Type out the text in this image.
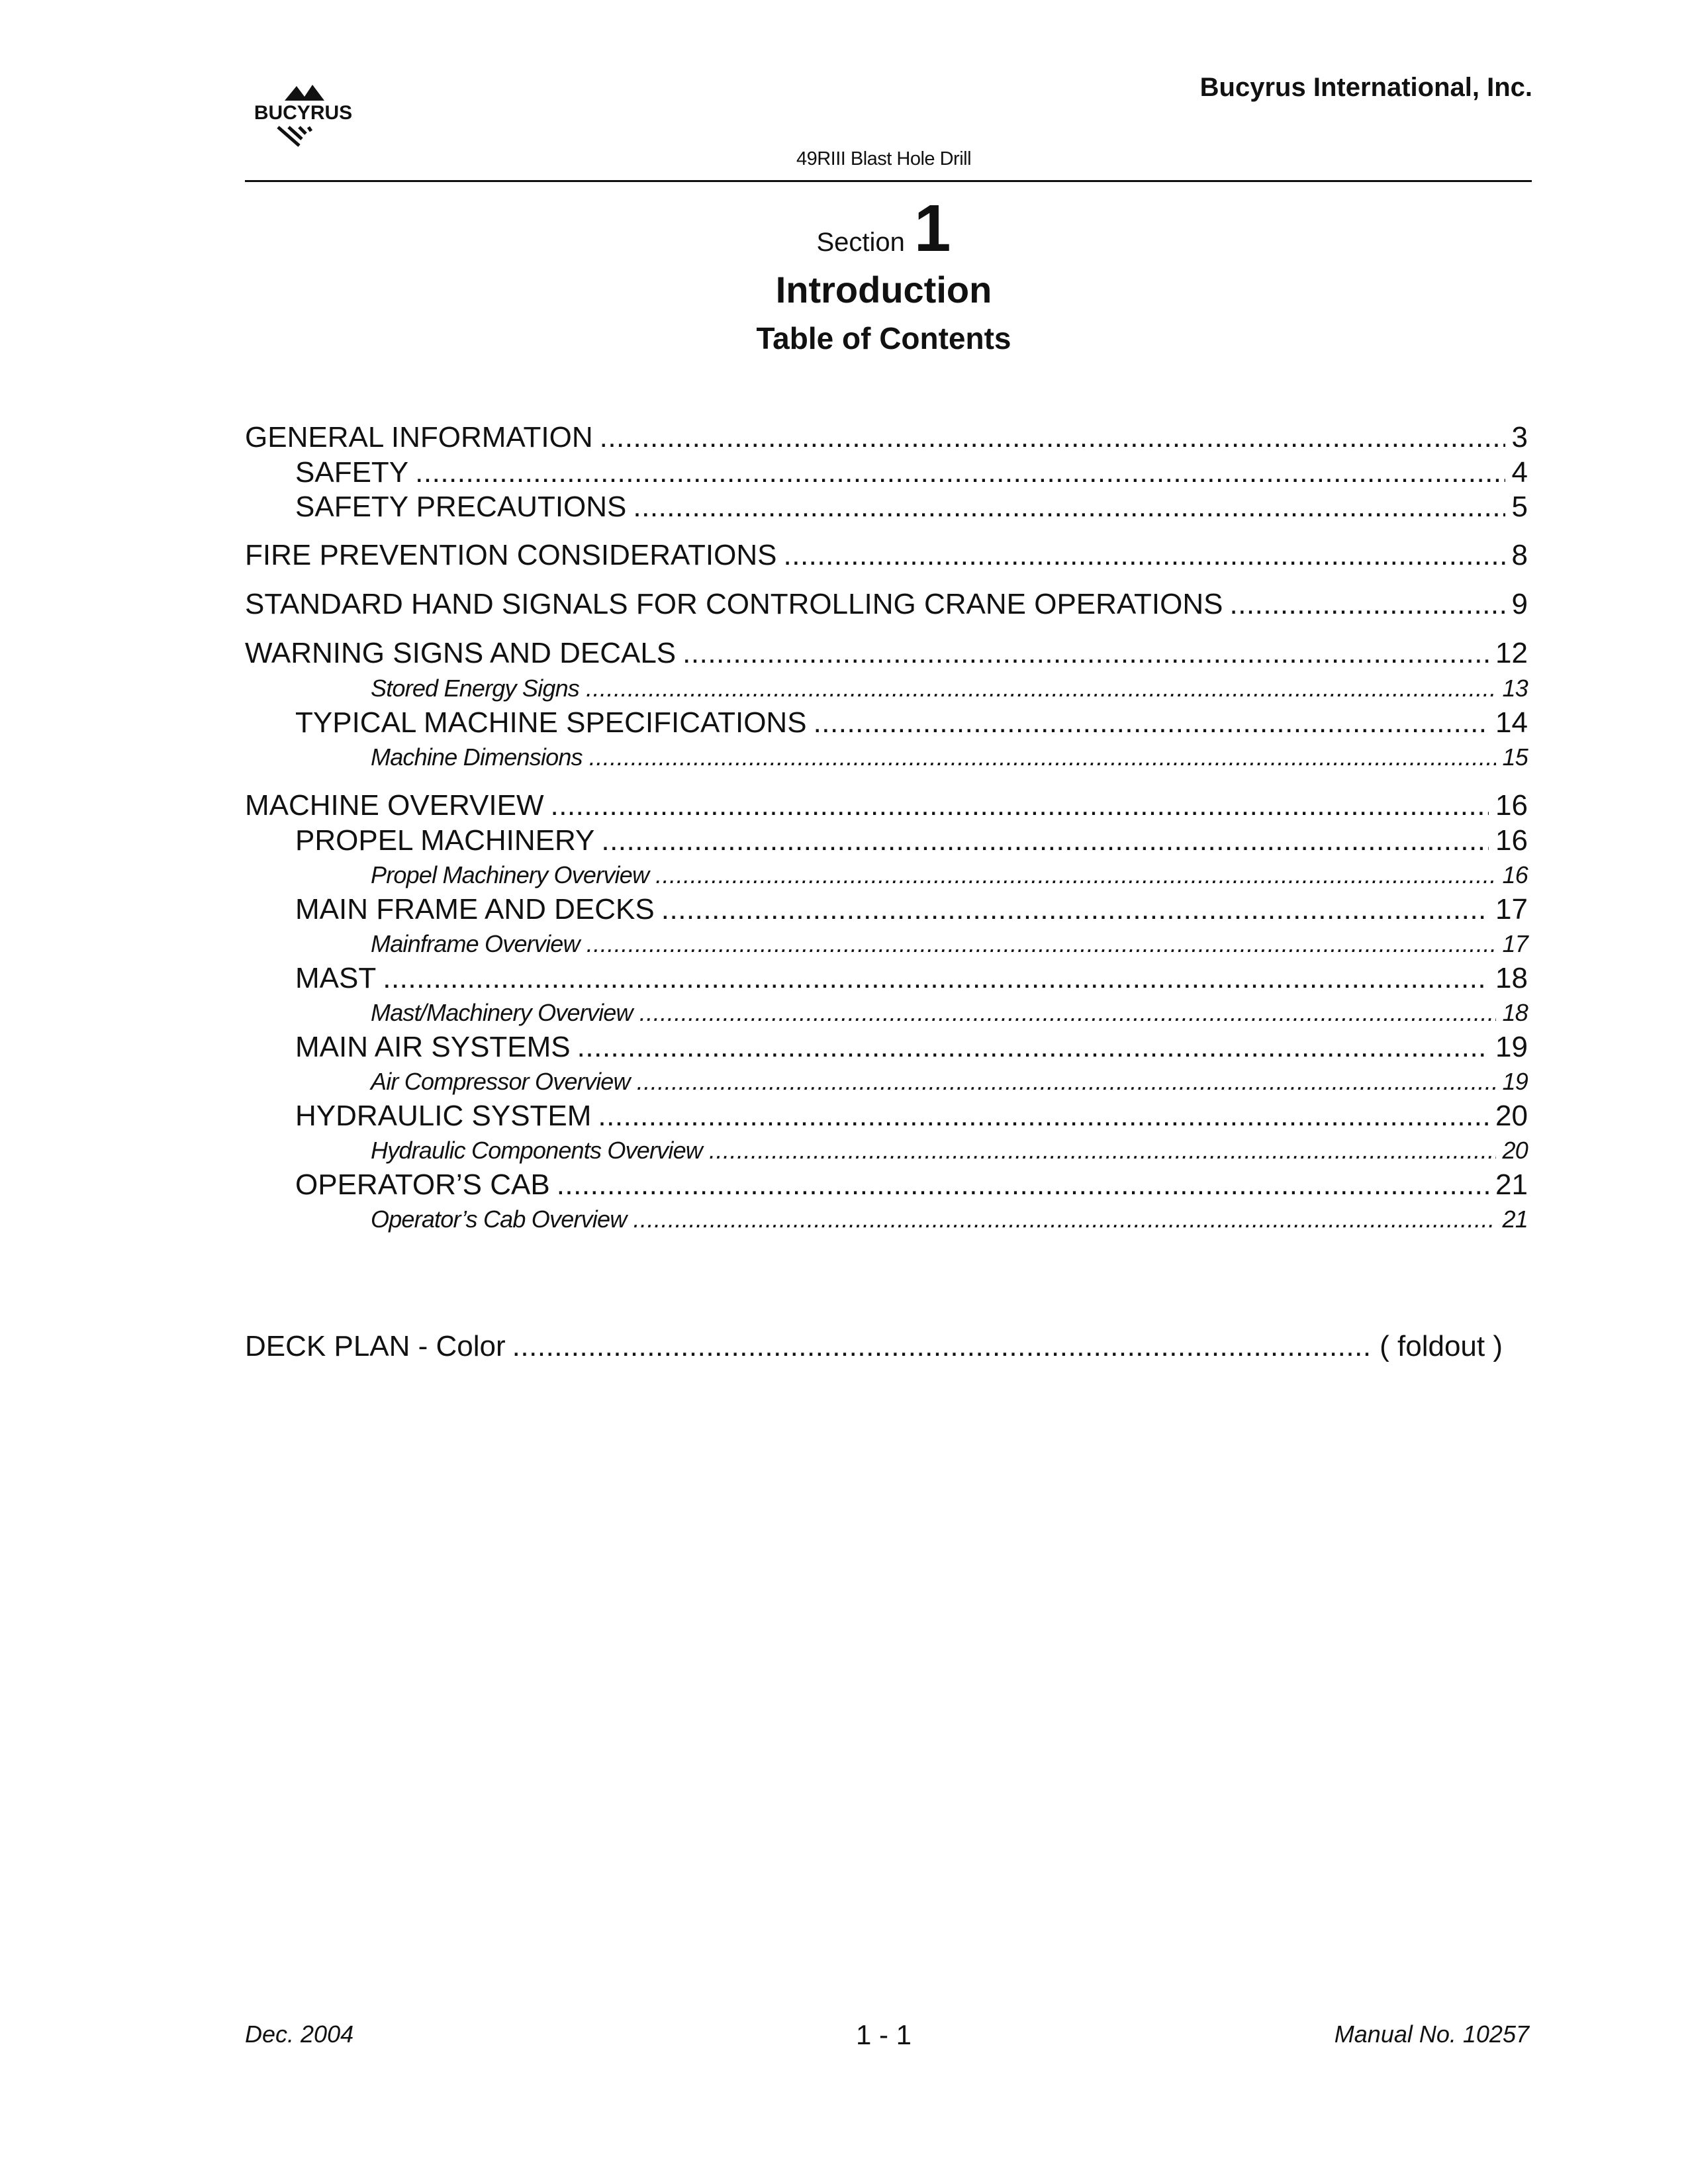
BUCYRUS
Bucyrus International, Inc.
49RIII Blast Hole Drill
Section 1
Introduction
Table of Contents
GENERAL INFORMATION .....	3
SAFETY .....	4
SAFETY PRECAUTIONS .....	5
FIRE PREVENTION CONSIDERATIONS .....	8
STANDARD HAND SIGNALS FOR CONTROLLING CRANE OPERATIONS .....	9
WARNING SIGNS AND DECALS .....	12
Stored Energy Signs .....	13
TYPICAL MACHINE SPECIFICATIONS .....	14
Machine Dimensions .....	15
MACHINE OVERVIEW .....	16
PROPEL MACHINERY .....	16
Propel Machinery Overview .....	16
MAIN FRAME AND DECKS .....	17
Mainframe Overview .....	17
MAST .....	18
Mast/Machinery Overview .....	18
MAIN AIR SYSTEMS .....	19
Air Compressor Overview .....	19
HYDRAULIC SYSTEM .....	20
Hydraulic Components Overview .....	20
OPERATOR’S CAB .....	21
Operator’s Cab Overview .....	21
DECK PLAN - Color .....	( foldout )
Dec. 2004	1 - 1	Manual No. 10257
